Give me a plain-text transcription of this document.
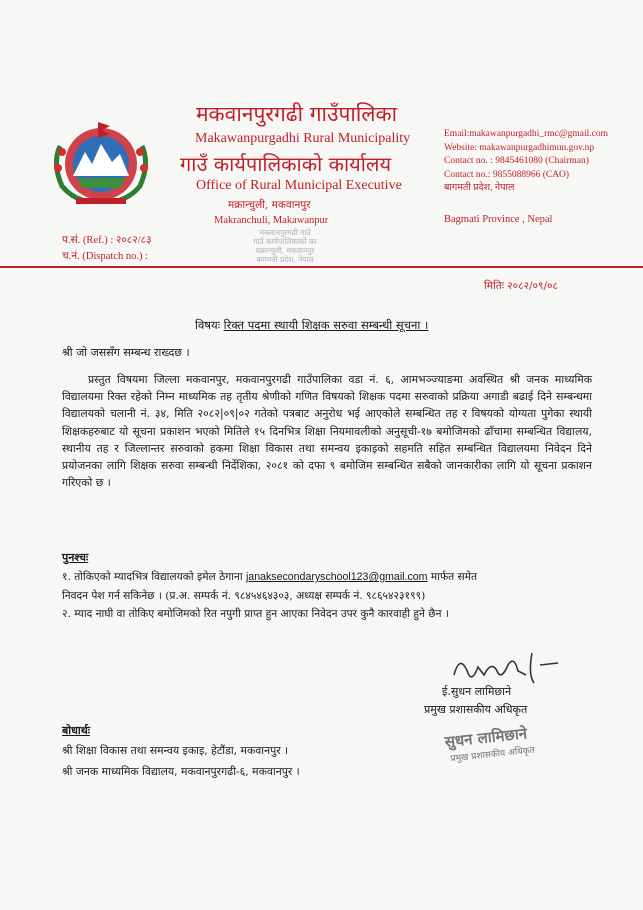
मकवानपुरगढी गाउँपालिका
Makawanpurgadhi Rural Municipality
गाउँ कार्यपालिकाको कार्यालय
Office of Rural Municipal Executive
मक्रान्चुली, मकवानपुर
Makranchuli, Makawanpur
Email:makawanpurgadhi_rmc@gmail.com
Website: makawanpurgadhimun.gov.np
Contact no. : 9845461080 (Chairman)
Contact no.: 9855088966 (CAO)
बागमती प्रदेश, नेपाल
Bagmati Province , Nepal
मकवानपुरगढी गाउँ
गाउँ कार्यपालिकाको का
मक्रान्चुली, मकवानपुर
बागमती प्रदेश, नेपाल
प.सं. (Ref.) : २०८२/८३
च.नं. (Dispatch no.) :
मितिः २०८२/०९/०८
विषयः रिक्त पदमा स्थायी शिक्षक सरुवा सम्बन्धी सूचना ।
श्री जो जससँग सम्बन्ध राख्दछ ।
प्रस्तुत विषयमा जिल्ला मकवानपुर, मकवानपुरगढी गाउँपालिका वडा नं. ६, आमभञ्ज्याङमा अवस्थित श्री जनक माध्यमिक विद्यालयमा रिक्त रहेको निम्न माध्यमिक तह तृतीय श्रेणीको गणित विषयको शिक्षक पदमा सरुवाको प्रक्रिया अगाडी बढाई दिने सम्बन्धमा विद्यालयको चलानी नं. ३४, मिति २०८२|०९|०२ गतेको पत्रबाट अनुरोध भई आएकोले सम्बन्धित तह र विषयको योग्यता पुगेका स्थायी शिक्षकहरुबाट यो सूचना प्रकाशन भएको मितिले १५ दिनभित्र शिक्षा नियमावलीको अनुसूची-१७ बमोजिमको ढाँचामा सम्बन्धित विद्यालय, स्थानीय तह र जिल्लान्तर सरुवाको हकमा शिक्षा विकास तथा समन्वय इकाइको सहमति सहित सम्बन्धित विद्यालयमा निवेदन दिने प्रयोजनका लागि शिक्षक सरुवा सम्बन्धी निर्देशिका, २०८१ को दफा ९ बमोजिम सम्बन्धित सबैको जानकारीका लागि यो सूचना प्रकाशन गरिएको छ ।
पुनश्चः
१. तोकिएको म्यादभित्र विद्यालयको इमेल ठेगाना janaksecondaryschool123@gmail.com मार्फत समेत
निवदन पेश गर्न सकिनेछ । (प्र.अ. सम्पर्क नं. ९८४५४६४३०३, अध्यक्ष सम्पर्क नं. ९८६५४२३१९९)
२. म्याद नाघी वा तोकिए बमोजिमको रित नपुगी प्राप्त हुन आएका निवेदन उपर कुनै कारवाही हुने छैन ।
ई.सुधन लामिछाने
प्रमुख प्रशासकीय अधिकृत
सुधन लामिछाने
प्रमुख प्रशासकीय अधिकृत
बोधार्थः
श्री शिक्षा विकास तथा समन्वय इकाइ, हेटौंडा, मकवानपुर ।
श्री जनक माध्यमिक विद्यालय, मकवानपुरगढी-६, मकवानपुर ।
